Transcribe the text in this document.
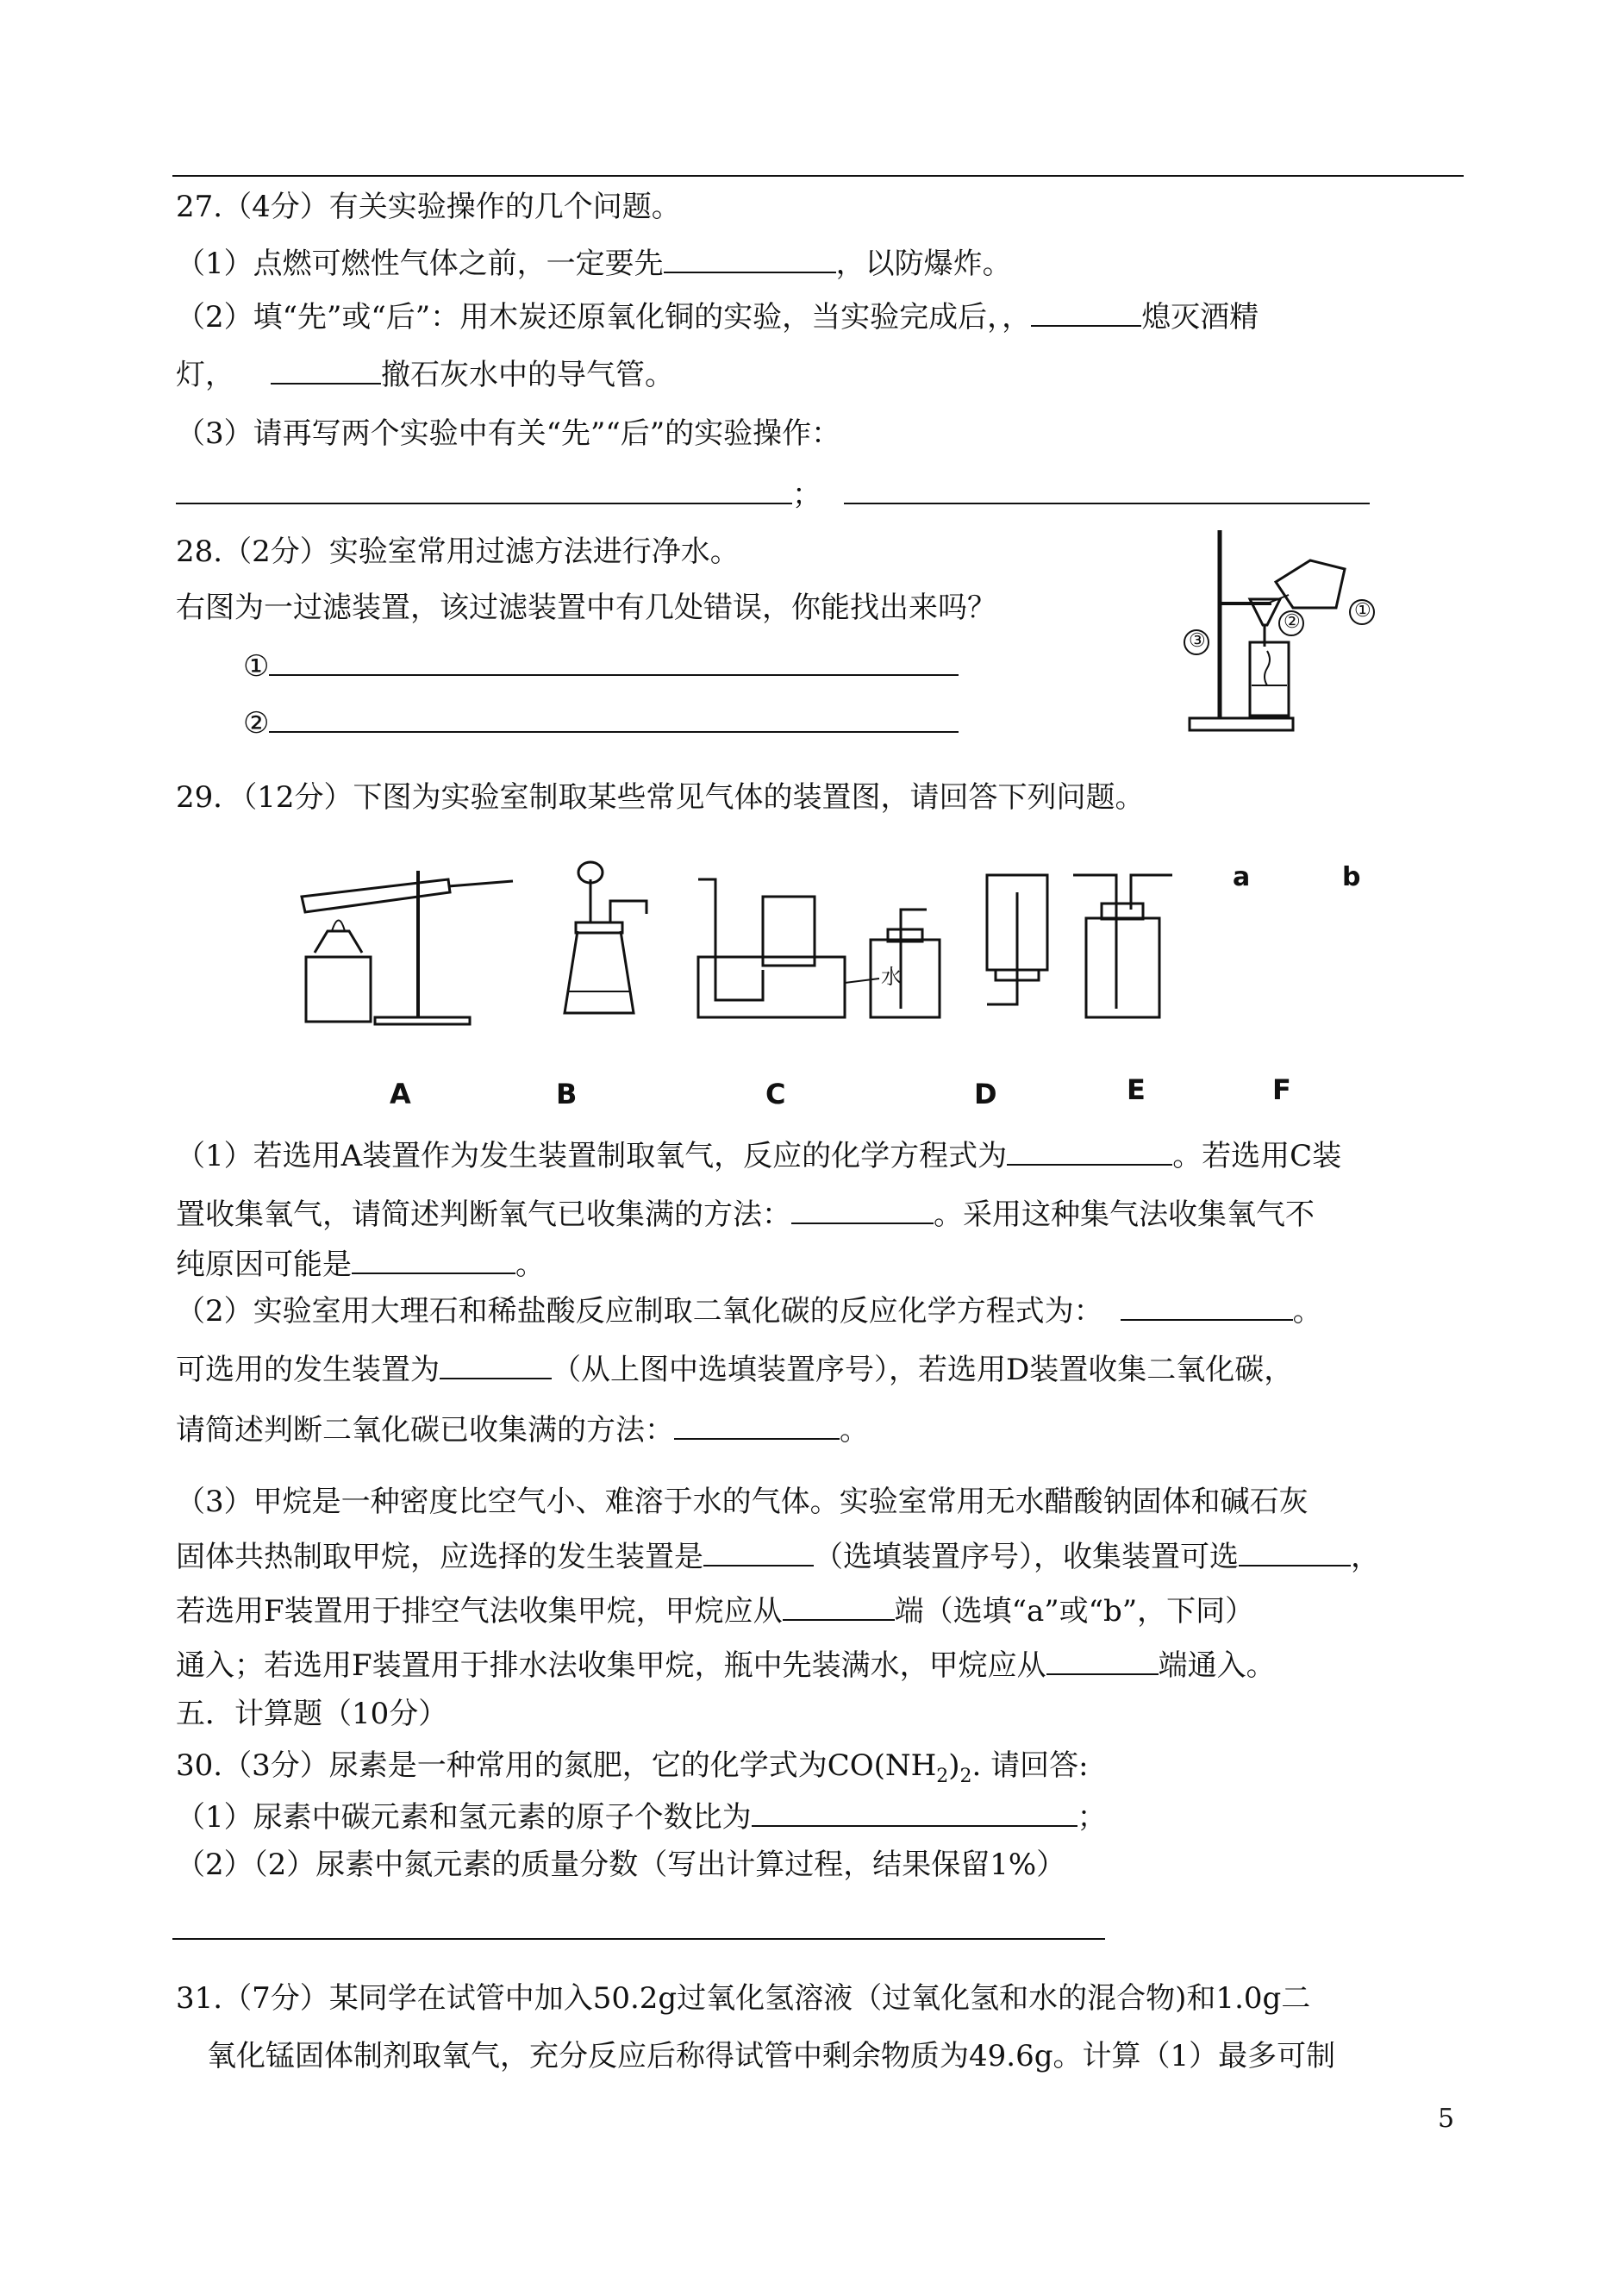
27.（4分）有关实验操作的几个问题。
（1）点燃可燃性气体之前，一定要先	，以防爆炸。
（2）填“先”或“后”：用木炭还原氧化铜的实验，当实验完成后，，	熄灭酒精
灯，	撤石灰水中的导气管。
（3）请再写两个实验中有关“先”“后”的实验操作：
；
28.（2分）实验室常用过滤方法进行净水。
右图为一过滤装置，该过滤装置中有几处错误，你能找出来吗？
①
②
①
②
③
29．（12分）下图为实验室制取某些常见气体的装置图，请回答下列问题。
A	B	C	D	E	F
水
a	b
（1）若选用A装置作为发生装置制取氧气，反应的化学方程式为	。若选用C装
置收集氧气，请简述判断氧气已收集满的方法：	。采用这种集气法收集氧气不
纯原因可能是	。
（2）实验室用大理石和稀盐酸反应制取二氧化碳的反应化学方程式为：	。
可选用的发生装置为	（从上图中选填装置序号），若选用D装置收集二氧化碳，
请简述判断二氧化碳已收集满的方法：	。
（3）甲烷是一种密度比空气小、难溶于水的气体。实验室常用无水醋酸钠固体和碱石灰
固体共热制取甲烷，应选择的发生装置是	（选填装置序号），收集装置可选	，
若选用F装置用于排空气法收集甲烷，甲烷应从	端（选填“a”或“b”，下同）
通入；若选用F装置用于排水法收集甲烷，瓶中先装满水，甲烷应从	端通入。
五．计算题（10分）
30.（3分）尿素是一种常用的氮肥，它的化学式为$CO(NH_2)_2$. 请回答:
（1）尿素中碳元素和氢元素的原子个数比为	；
（2）（2）尿素中氮元素的质量分数（写出计算过程，结果保留1%）
31.（7分）某同学在试管中加入50.2g过氧化氢溶液（过氧化氢和水的混合物)和1.0g二
氧化锰固体制剂取氧气，充分反应后称得试管中剩余物质为49.6g。计算（1）最多可制
5
